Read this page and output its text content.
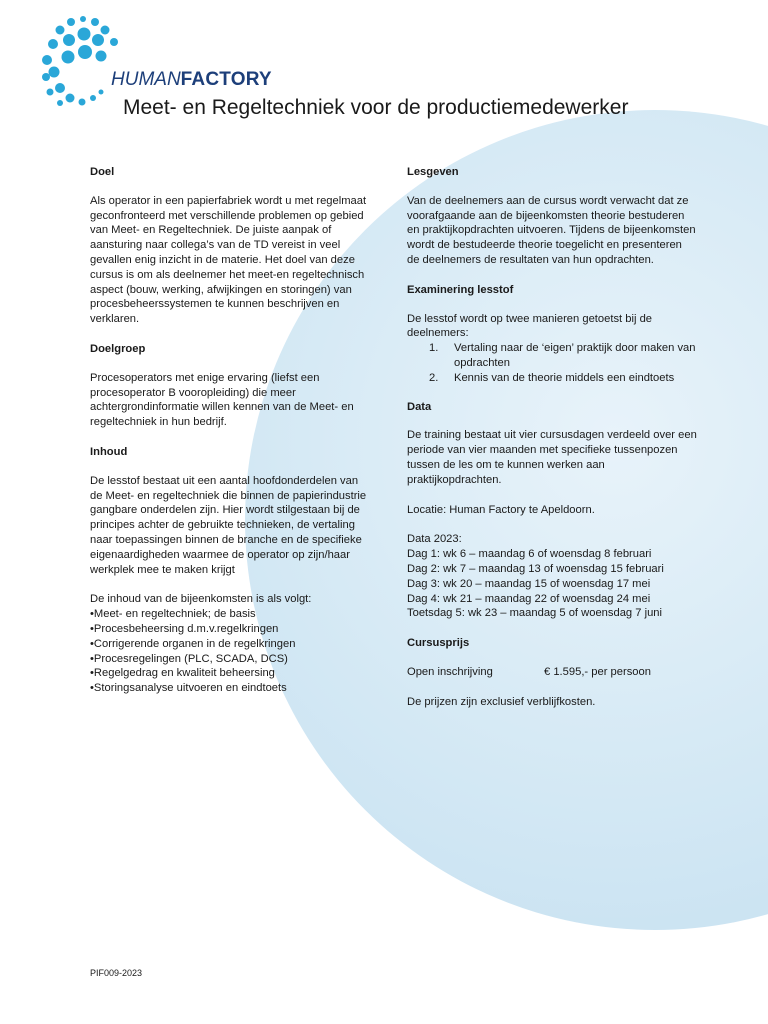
HUMANFACTORY
Meet- en Regeltechniek voor de productiemedewerker
Doel

Als operator in een papierfabriek wordt u met regelmaat geconfronteerd met verschillende problemen op gebied van Meet- en Regeltechniek. De juiste aanpak of aansturing naar collega’s van de TD vereist in veel gevallen enig inzicht in de materie. Het doel van deze cursus is om als deelnemer het meet-en regeltechnisch aspect (bouw, werking, afwijkingen en storingen) van procesbeheerssystemen te kunnen beschrijven en verklaren.

Doelgroep

Procesoperators met enige ervaring (liefst een procesoperator B vooropleiding) die meer achtergrondinformatie willen kennen van de Meet- en regeltechniek in hun bedrijf.

Inhoud

De lesstof bestaat uit een aantal hoofdonderdelen van de Meet- en regeltechniek die binnen de papierindustrie gangbare onderdelen zijn. Hier wordt stilgestaan bij de principes achter de gebruikte technieken, de vertaling naar toepassingen binnen de branche en de specifieke eigenaardigheden waarmee de operator op zijn/haar werkplek mee te maken krijgt

De inhoud van de bijeenkomsten is als volgt:
• Meet- en regeltechniek; de basis
• Procesbeheersing d.m.v.regelkringen
• Corrigerende organen in de regelkringen
• Procesregelingen (PLC, SCADA, DCS)
• Regelgedrag en kwaliteit beheersing
• Storingsanalyse uitvoeren en eindtoets
Lesgeven

Van de deelnemers aan de cursus wordt verwacht dat ze voorafgaande aan de bijeenkomsten theorie bestuderen en praktijkopdrachten uitvoeren. Tijdens de bijeenkomsten wordt de bestudeerde theorie toegelicht en presenteren de deelnemers de resultaten van hun opdrachten.

Examinering lesstof
De lesstof wordt op twee manieren getoetst bij de deelnemers:
1. Vertaling naar de ‘eigen’ praktijk door maken van opdrachten
2. Kennis van de theorie middels een eindtoets
Data

De training bestaat uit vier cursusdagen verdeeld over een periode van vier maanden met specifieke tussenpozen tussen de les om te kunnen werken aan praktijkopdrachten.

Locatie: Human Factory te Apeldoorn.

Data 2023:
Dag 1: wk 6 – maandag 6 of woensdag 8 februari
Dag 2: wk 7 – maandag 13 of woensdag 15 februari
Dag 3: wk 20 – maandag 15 of woensdag 17 mei
Dag 4: wk 21 – maandag 22 of woensdag 24 mei
Toetsdag 5: wk 23 – maandag 5 of woensdag 7 juni
Cursusprijs
Open inschrijving	€ 1.595,- per persoon

De prijzen zijn exclusief verblijfkosten.

PIF009-2023
